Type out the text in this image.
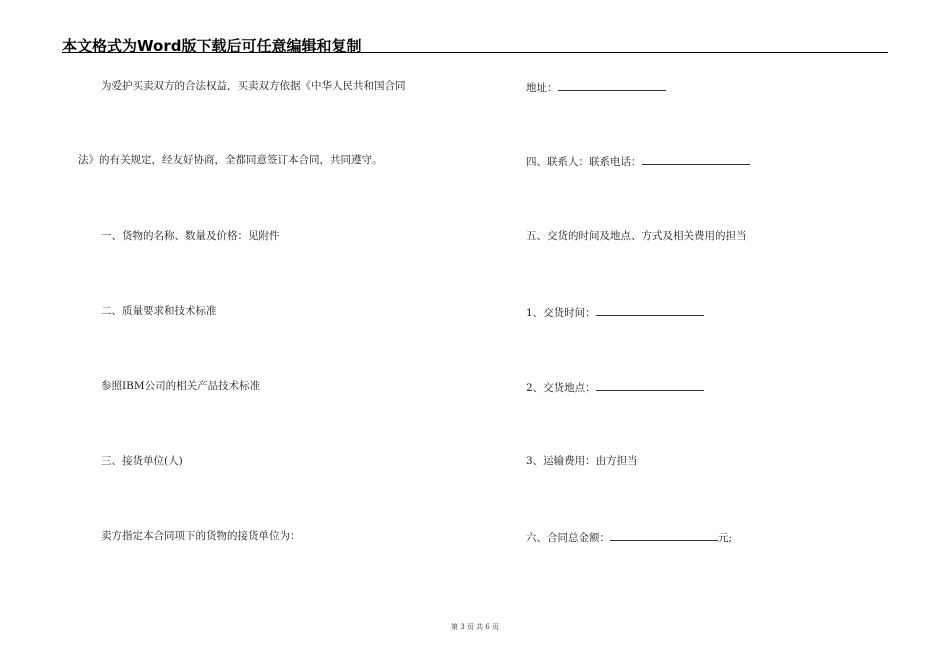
本文格式为Word版下载后可任意编辑和复制
为爱护买卖双方的合法权益，买卖双方依据《中华人民共和国合同
法》的有关规定，经友好协商，全都同意签订本合同，共同遵守。
一、货物的名称、数量及价格：见附件
二、质量要求和技术标准
参照IBM公司的相关产品技术标准
三、接货单位(人)
卖方指定本合同项下的货物的接货单位为：
地址：
四、联系人：联系电话：
五、交货的时间及地点、方式及相关费用的担当
1、交货时间：
2、交货地点：
3、运输费用：由方担当
六、合同总金额：	元;
第 3 页 共 6 页
